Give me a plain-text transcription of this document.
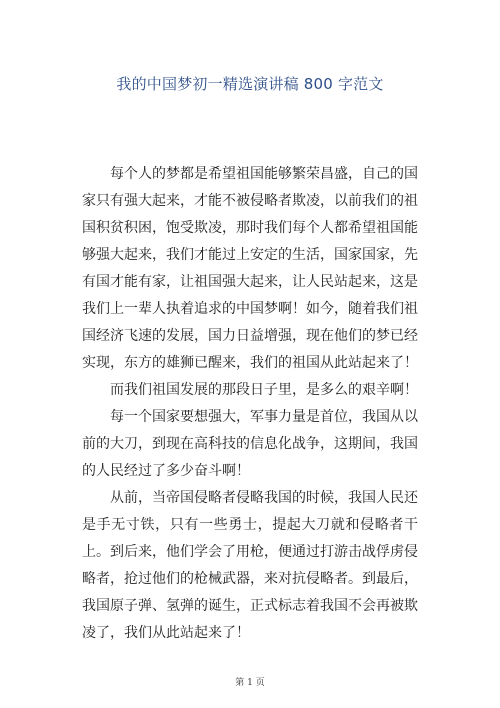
我的中国梦初一精选演讲稿 800 字范文

每个人的梦都是希望祖国能够繁荣昌盛，自己的国家只有强大起来，才能不被侵略者欺凌，以前我们的祖国积贫积困，饱受欺凌，那时我们每个人都希望祖国能够强大起来，我们才能过上安定的生活，国家国家，先有国才能有家，让祖国强大起来，让人民站起来，这是我们上一辈人执着追求的中国梦啊！如今，随着我们祖国经济飞速的发展，国力日益增强，现在他们的梦已经实现，东方的雄狮已醒来，我们的祖国从此站起来了！

而我们祖国发展的那段日子里，是多么的艰辛啊！

每一个国家要想强大，军事力量是首位，我国从以前的大刀，到现在高科技的信息化战争，这期间，我国的人民经过了多少奋斗啊！

从前，当帝国侵略者侵略我国的时候，我国人民还是手无寸铁，只有一些勇士，提起大刀就和侵略者干上。到后来，他们学会了用枪，便通过打游击战俘虏侵略者，抢过他们的枪械武器，来对抗侵略者。到最后，我国原子弹、氢弹的诞生，正式标志着我国不会再被欺凌了，我们从此站起来了！

第 1 页
